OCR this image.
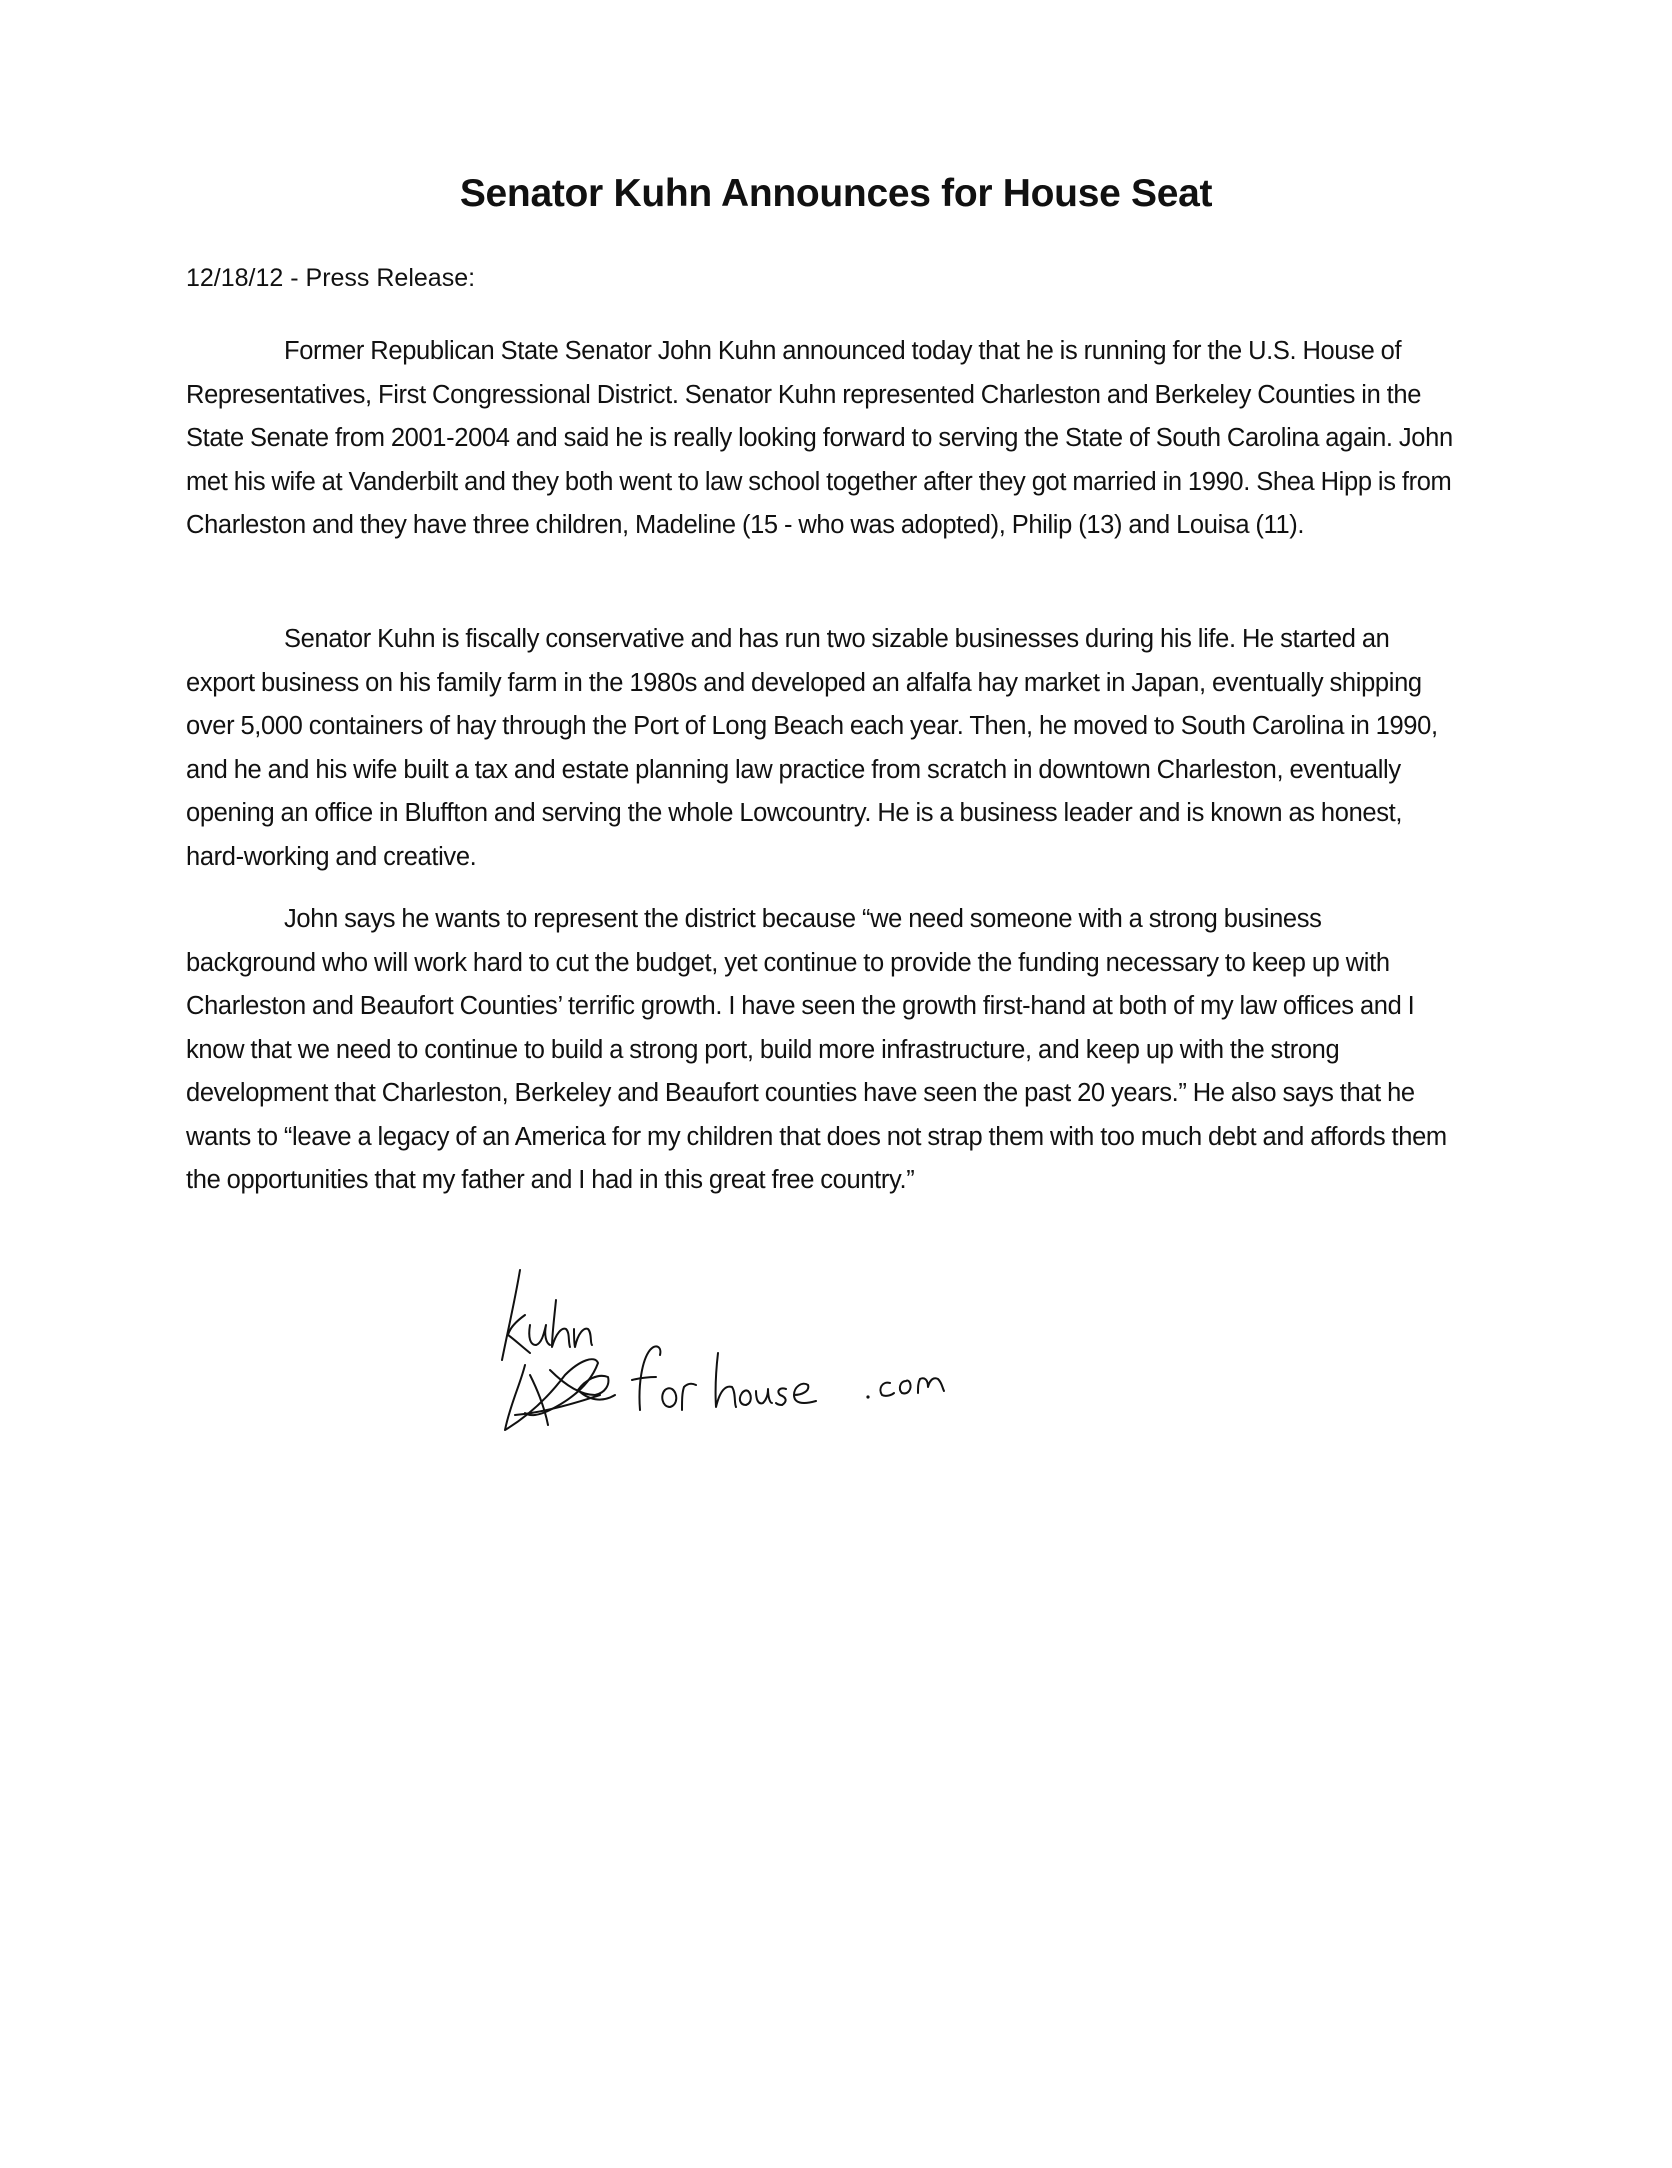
Senator Kuhn Announces for House Seat
12/18/12 - Press Release:

Former Republican State Senator John Kuhn announced today that he is running for the U.S. House of Representatives, First Congressional District. Senator Kuhn represented Charleston and Berkeley Counties in the State Senate from 2001-2004 and said he is really looking forward to serving the State of South Carolina again. John met his wife at Vanderbilt and they both went to law school together after they got married in 1990. Shea Hipp is from Charleston and they have three children, Madeline (15 - who was adopted), Philip (13) and Louisa (11).

Senator Kuhn is fiscally conservative and has run two sizable businesses during his life. He started an export business on his family farm in the 1980s and developed an alfalfa hay market in Japan, eventually shipping over 5,000 containers of hay through the Port of Long Beach each year. Then, he moved to South Carolina in 1990, and he and his wife built a tax and estate planning law practice from scratch in downtown Charleston, eventually opening an office in Bluffton and serving the whole Lowcountry. He is a business leader and is known as honest, hard-working and creative.

John says he wants to represent the district because “we need someone with a strong business background who will work hard to cut the budget, yet continue to provide the funding necessary to keep up with Charleston and Beaufort Counties’ terrific growth. I have seen the growth first-hand at both of my law offices and I know that we need to continue to build a strong port, build more infrastructure, and keep up with the strong development that Charleston, Berkeley and Beaufort counties have seen the past 20 years.” He also says that he wants to “leave a legacy of an America for my children that does not strap them with too much debt and affords them the opportunities that my father and I had in this great free country.”
